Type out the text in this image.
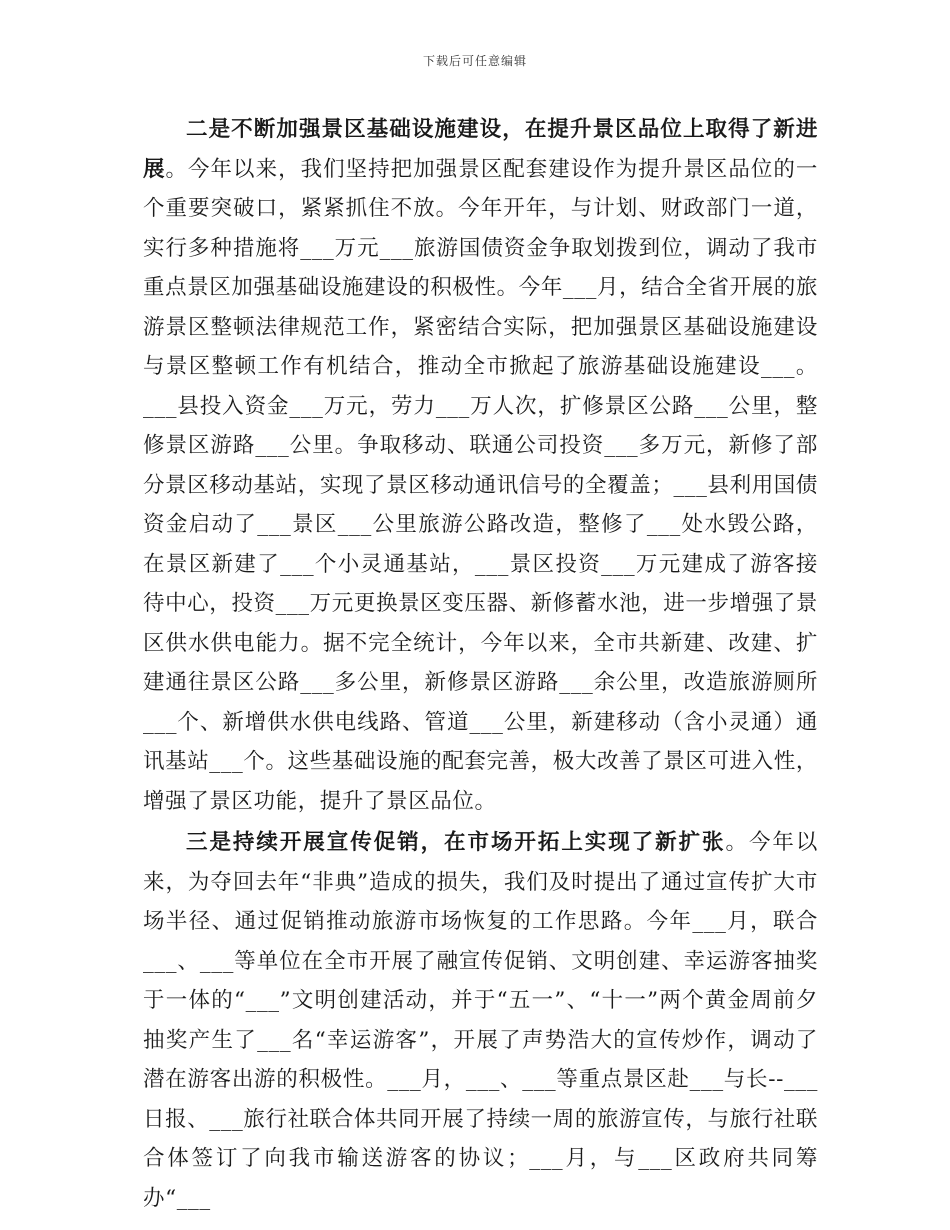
下载后可任意编辑

二是不断加强景区基础设施建设，在提升景区品位上取得了新进展。今年以来，我们坚持把加强景区配套建设作为提升景区品位的一个重要突破口，紧紧抓住不放。今年开年，与计划、财政部门一道，实行多种措施将___万元___旅游国债资金争取划拨到位，调动了我市重点景区加强基础设施建设的积极性。今年___月，结合全省开展的旅游景区整顿法律规范工作，紧密结合实际，把加强景区基础设施建设与景区整顿工作有机结合，推动全市掀起了旅游基础设施建设___。___县投入资金___万元，劳力___万人次，扩修景区公路___公里，整修景区游路___公里。争取移动、联通公司投资___多万元，新修了部分景区移动基站，实现了景区移动通讯信号的全覆盖；___县利用国债资金启动了___景区___公里旅游公路改造，整修了___处水毁公路，在景区新建了___个小灵通基站，___景区投资___万元建成了游客接待中心，投资___万元更换景区变压器、新修蓄水池，进一步增强了景区供水供电能力。据不完全统计，今年以来，全市共新建、改建、扩建通往景区公路___多公里，新修景区游路___余公里，改造旅游厕所___个、新增供水供电线路、管道___公里，新建移动（含小灵通）通讯基站___个。这些基础设施的配套完善，极大改善了景区可进入性，增强了景区功能，提升了景区品位。

三是持续开展宣传促销，在市场开拓上实现了新扩张。今年以来，为夺回去年“非典”造成的损失，我们及时提出了通过宣传扩大市场半径、通过促销推动旅游市场恢复的工作思路。今年___月，联合___、___等单位在全市开展了融宣传促销、文明创建、幸运游客抽奖于一体的“___”文明创建活动，并于“五一”、“十一”两个黄金周前夕抽奖产生了___名“幸运游客”，开展了声势浩大的宣传炒作，调动了潜在游客出游的积极性。___月，___、___等重点景区赴___与长--___日报、___旅行社联合体共同开展了持续一周的旅游宣传，与旅行社联合体签订了向我市输送游客的协议；___月，与___区政府共同筹办“___
